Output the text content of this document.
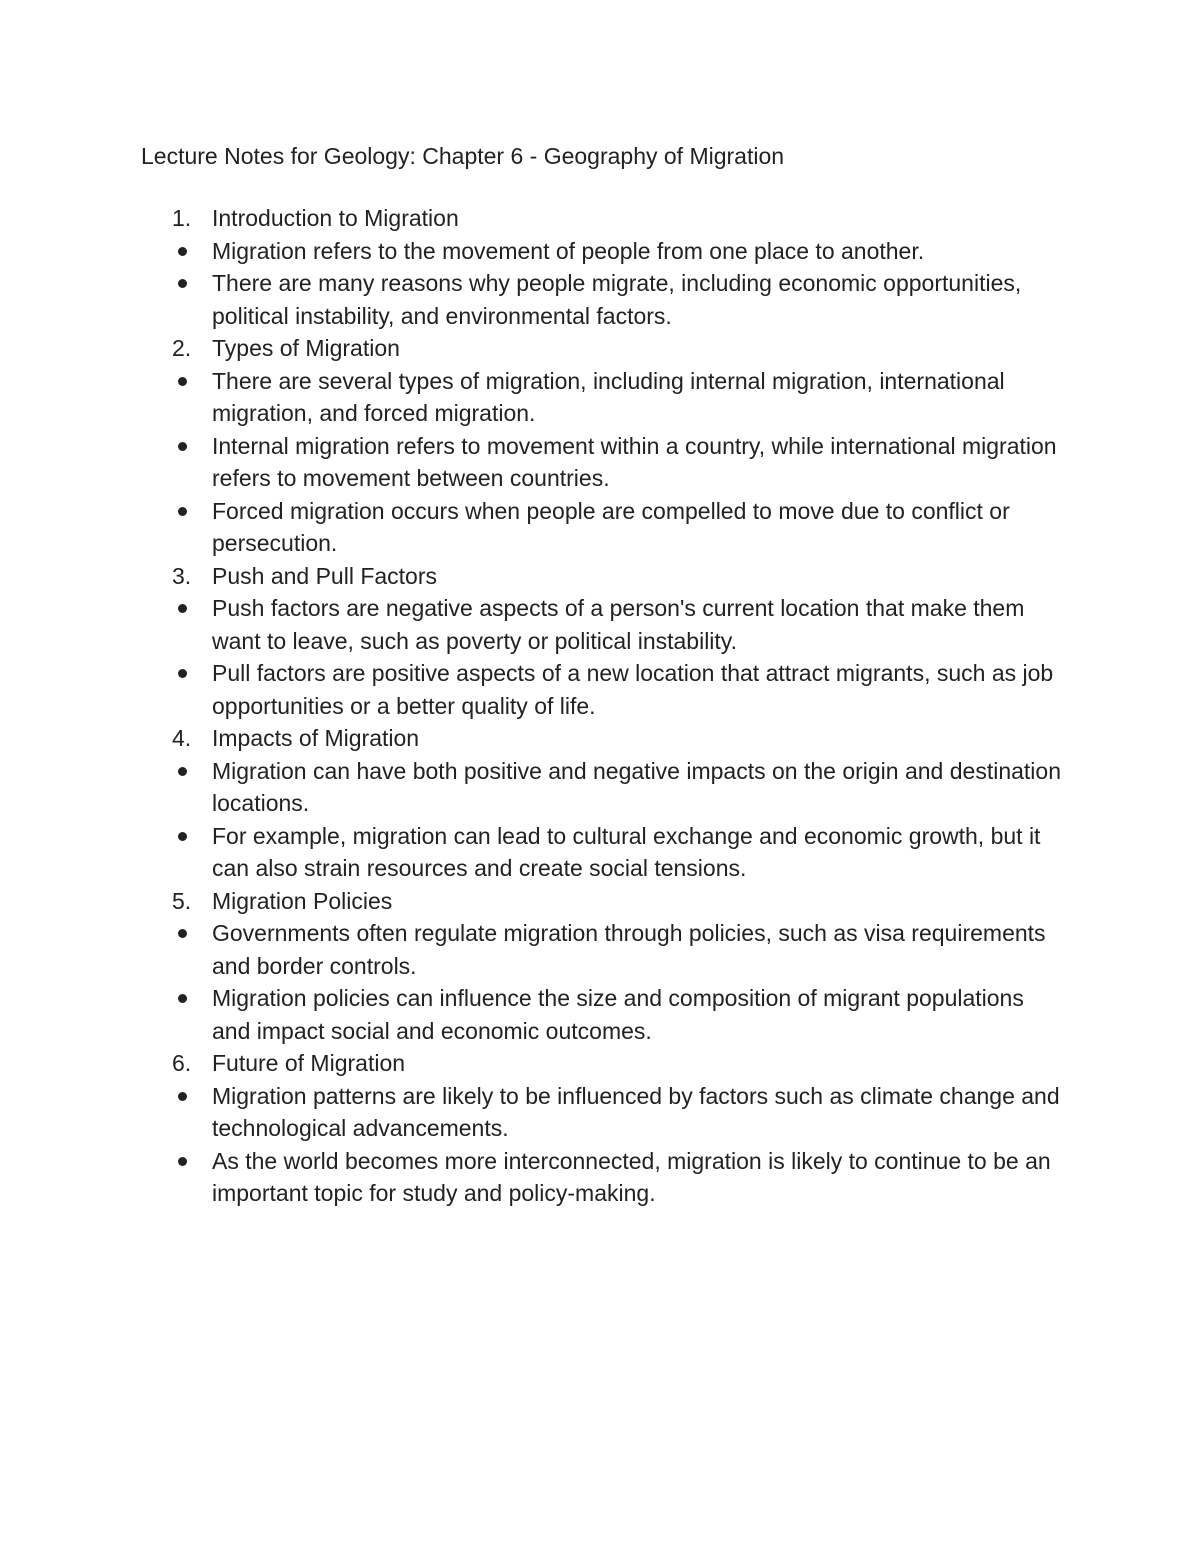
Lecture Notes for Geology: Chapter 6 - Geography of Migration
1. Introduction to Migration
Migration refers to the movement of people from one place to another.
There are many reasons why people migrate, including economic opportunities, political instability, and environmental factors.
2. Types of Migration
There are several types of migration, including internal migration, international migration, and forced migration.
Internal migration refers to movement within a country, while international migration refers to movement between countries.
Forced migration occurs when people are compelled to move due to conflict or persecution.
3. Push and Pull Factors
Push factors are negative aspects of a person's current location that make them want to leave, such as poverty or political instability.
Pull factors are positive aspects of a new location that attract migrants, such as job opportunities or a better quality of life.
4. Impacts of Migration
Migration can have both positive and negative impacts on the origin and destination locations.
For example, migration can lead to cultural exchange and economic growth, but it can also strain resources and create social tensions.
5. Migration Policies
Governments often regulate migration through policies, such as visa requirements and border controls.
Migration policies can influence the size and composition of migrant populations and impact social and economic outcomes.
6. Future of Migration
Migration patterns are likely to be influenced by factors such as climate change and technological advancements.
As the world becomes more interconnected, migration is likely to continue to be an important topic for study and policy-making.
